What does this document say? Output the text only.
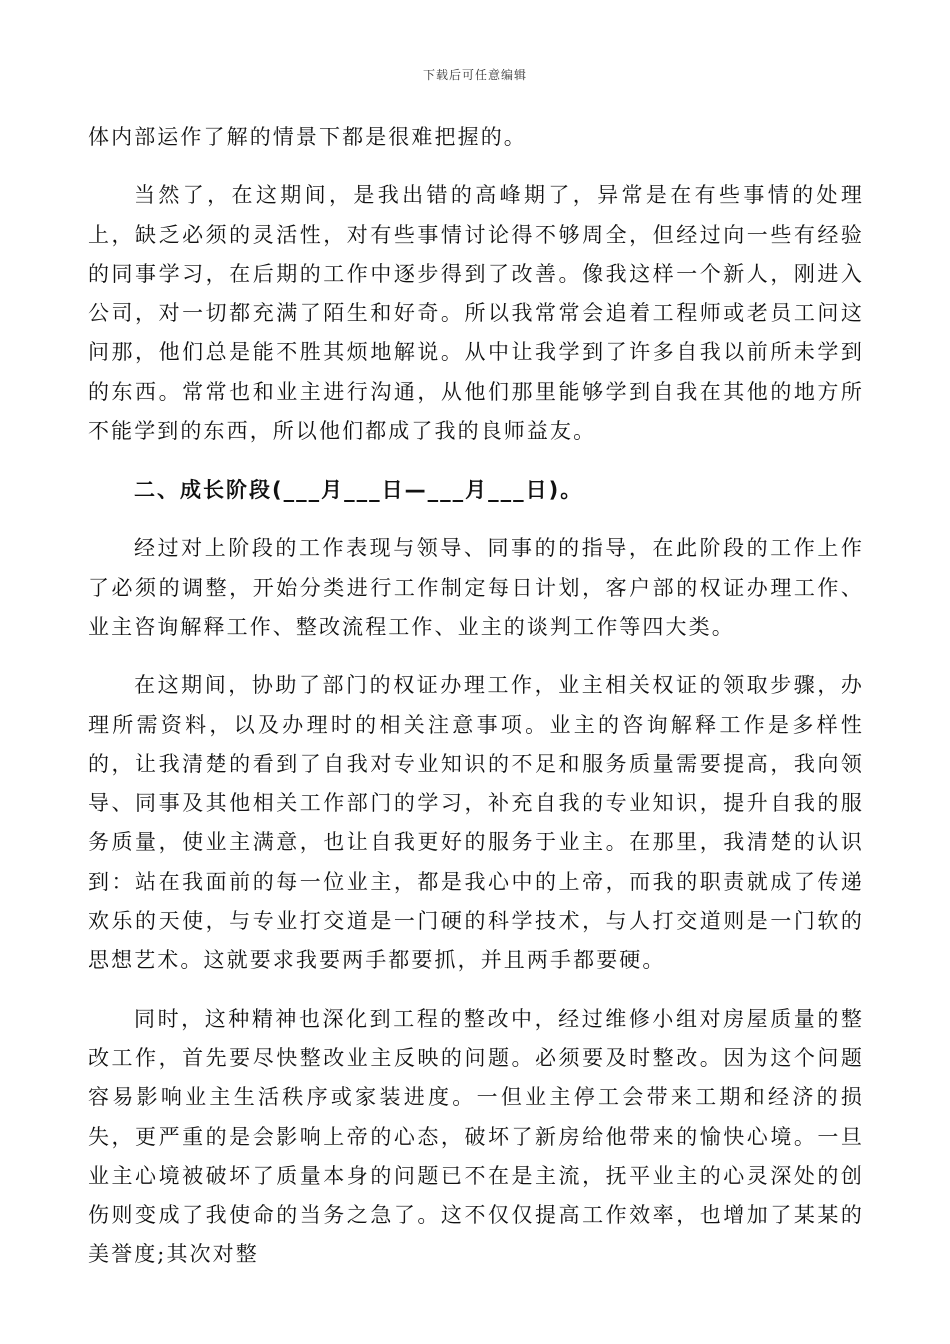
下载后可任意编辑

体内部运作了解的情景下都是很难把握的。

当然了，在这期间，是我出错的高峰期了，异常是在有些事情的处理上，缺乏必须的灵活性，对有些事情讨论得不够周全，但经过向一些有经验的同事学习，在后期的工作中逐步得到了改善。像我这样一个新人，刚进入公司，对一切都充满了陌生和好奇。所以我常常会追着工程师或老员工问这问那，他们总是能不胜其烦地解说。从中让我学到了许多自我以前所未学到的东西。常常也和业主进行沟通，从他们那里能够学到自我在其他的地方所不能学到的东西，所以他们都成了我的良师益友。

二、成长阶段(___月___日—___月___日)。

经过对上阶段的工作表现与领导、同事的的指导，在此阶段的工作上作了必须的调整，开始分类进行工作制定每日计划，客户部的权证办理工作、业主咨询解释工作、整改流程工作、业主的谈判工作等四大类。

在这期间，协助了部门的权证办理工作，业主相关权证的领取步骤，办理所需资料，以及办理时的相关注意事项。业主的咨询解释工作是多样性的，让我清楚的看到了自我对专业知识的不足和服务质量需要提高，我向领导、同事及其他相关工作部门的学习，补充自我的专业知识，提升自我的服务质量，使业主满意，也让自我更好的服务于业主。在那里，我清楚的认识到：站在我面前的每一位业主，都是我心中的上帝，而我的职责就成了传递欢乐的天使，与专业打交道是一门硬的科学技术，与人打交道则是一门软的思想艺术。这就要求我要两手都要抓，并且两手都要硬。

同时，这种精神也深化到工程的整改中，经过维修小组对房屋质量的整改工作，首先要尽快整改业主反映的问题。必须要及时整改。因为这个问题容易影响业主生活秩序或家装进度。一但业主停工会带来工期和经济的损失，更严重的是会影响上帝的心态，破坏了新房给他带来的愉快心境。一旦业主心境被破坏了质量本身的问题已不在是主流，抚平业主的心灵深处的创伤则变成了我使命的当务之急了。这不仅仅提高工作效率，也增加了某某的美誉度;其次对整
